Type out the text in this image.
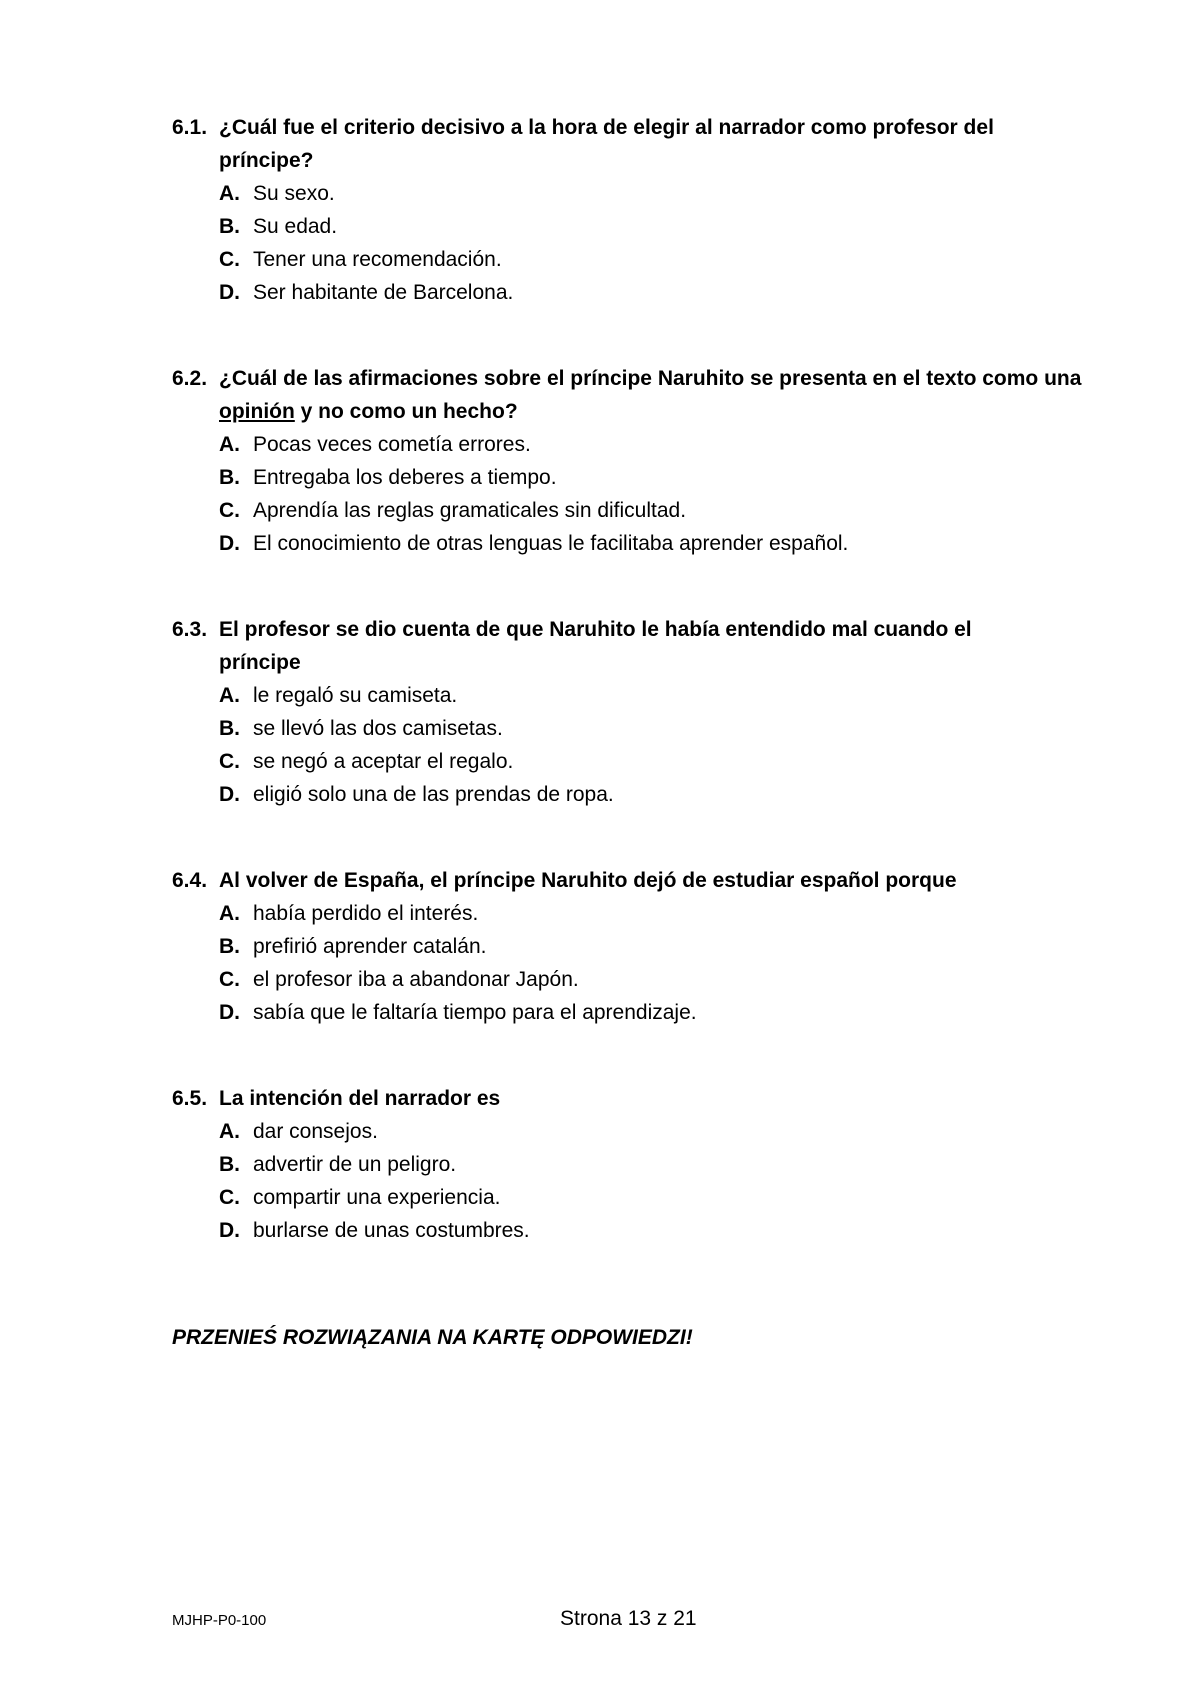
6.1. ¿Cuál fue el criterio decisivo a la hora de elegir al narrador como profesor del príncipe?
A. Su sexo.
B. Su edad.
C. Tener una recomendación.
D. Ser habitante de Barcelona.
6.2. ¿Cuál de las afirmaciones sobre el príncipe Naruhito se presenta en el texto como una opinión y no como un hecho?
A. Pocas veces cometía errores.
B. Entregaba los deberes a tiempo.
C. Aprendía las reglas gramaticales sin dificultad.
D. El conocimiento de otras lenguas le facilitaba aprender español.
6.3. El profesor se dio cuenta de que Naruhito le había entendido mal cuando el príncipe
A. le regaló su camiseta.
B. se llevó las dos camisetas.
C. se negó a aceptar el regalo.
D. eligió solo una de las prendas de ropa.
6.4. Al volver de España, el príncipe Naruhito dejó de estudiar español porque
A. había perdido el interés.
B. prefirió aprender catalán.
C. el profesor iba a abandonar Japón.
D. sabía que le faltaría tiempo para el aprendizaje.
6.5. La intención del narrador es
A. dar consejos.
B. advertir de un peligro.
C. compartir una experiencia.
D. burlarse de unas costumbres.
PRZENIEŚ ROZWIĄZANIA NA KARTĘ ODPOWIEDZI!
MJHP-P0-100	Strona 13 z 21
